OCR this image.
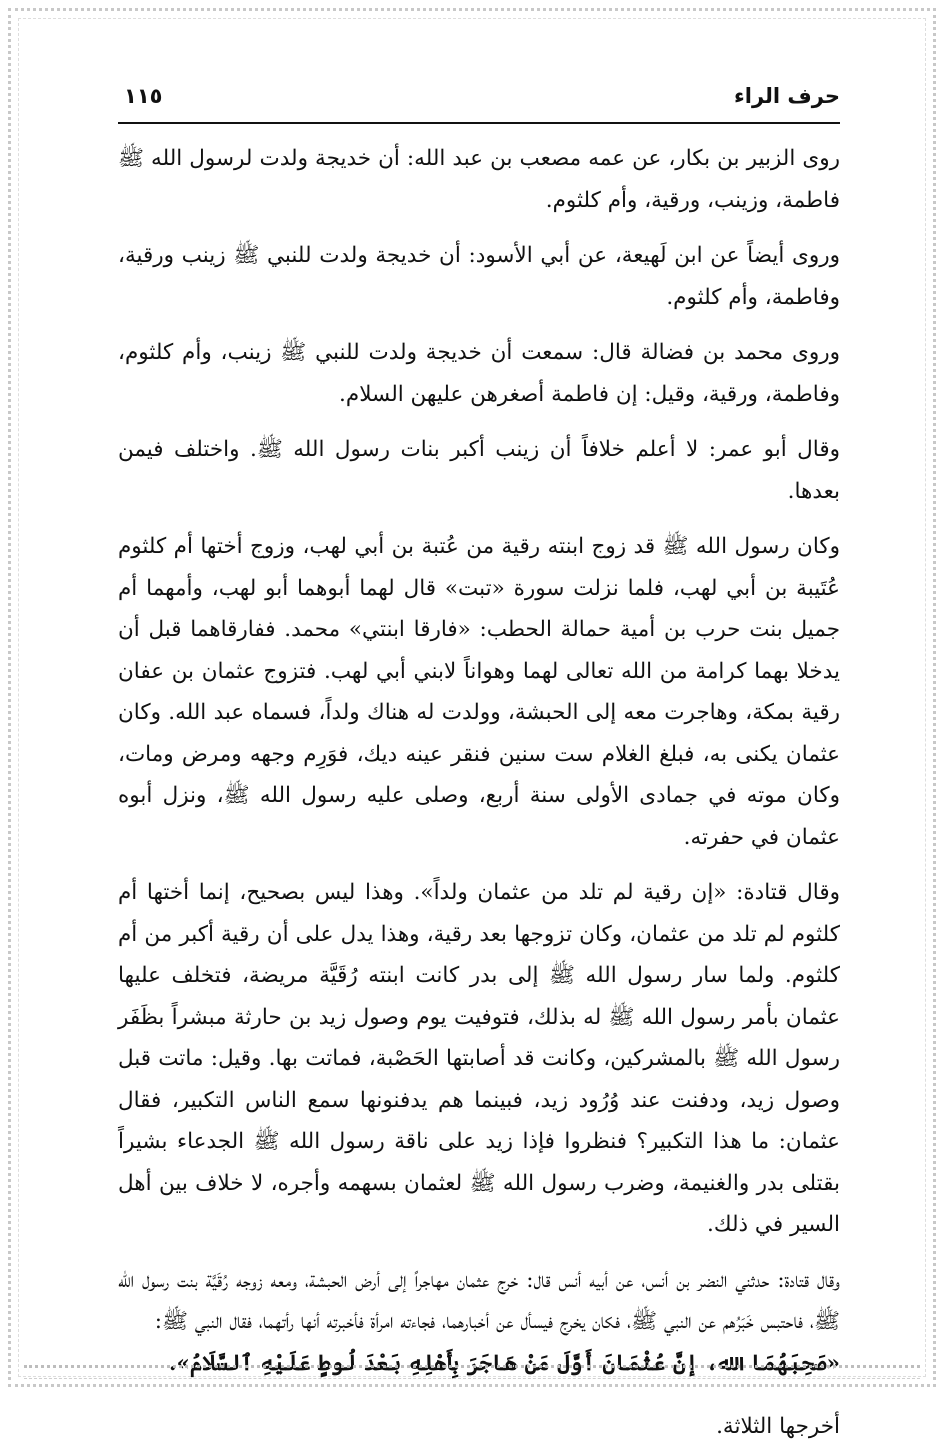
حرف الراء
١١٥

روى الزبير بن بكار، عن عمه مصعب بن عبد الله: أن خديجة ولدت لرسول الله ﷺ فاطمة، وزينب، ورقية، وأم كلثوم.

وروى أيضاً عن ابن لَهيعة، عن أبي الأسود: أن خديجة ولدت للنبي ﷺ زينب ورقية، وفاطمة، وأم كلثوم.

وروى محمد بن فضالة قال: سمعت أن خديجة ولدت للنبي ﷺ زينب، وأم كلثوم، وفاطمة، ورقية، وقيل: إن فاطمة أصغرهن عليهن السلام.

وقال أبو عمر: لا أعلم خلافاً أن زينب أكبر بنات رسول الله ﷺ. واختلف فيمن بعدها.

وكان رسول الله ﷺ قد زوج ابنته رقية من عُتبة بن أبي لهب، وزوج أختها أم كلثوم عُتَيبة بن أبي لهب، فلما نزلت سورة «تبت» قال لهما أبوهما أبو لهب، وأمهما أم جميل بنت حرب بن أمية حمالة الحطب: «فارقا ابنتي» محمد. ففارقاهما قبل أن يدخلا بهما كرامة من الله تعالى لهما وهواناً لابني أبي لهب. فتزوج عثمان بن عفان رقية بمكة، وهاجرت معه إلى الحبشة، وولدت له هناك ولداً، فسماه عبد الله. وكان عثمان يكنى به، فبلغ الغلام ست سنين فنقر عينه ديك، فوَرِم وجهه ومرض ومات، وكان موته في جمادى الأولى سنة أربع، وصلى عليه رسول الله ﷺ، ونزل أبوه عثمان في حفرته.

وقال قتادة: «إن رقية لم تلد من عثمان ولداً». وهذا ليس بصحيح، إنما أختها أم كلثوم لم تلد من عثمان، وكان تزوجها بعد رقية، وهذا يدل على أن رقية أكبر من أم كلثوم. ولما سار رسول الله ﷺ إلى بدر كانت ابنته رُقَيَّة مريضة، فتخلف عليها عثمان بأمر رسول الله ﷺ له بذلك، فتوفيت يوم وصول زيد بن حارثة مبشراً بظَفَر رسول الله ﷺ بالمشركين، وكانت قد أصابتها الحَصْبة، فماتت بها. وقيل: ماتت قبل وصول زيد، ودفنت عند وُرُود زيد، فبينما هم يدفنونها سمع الناس التكبير، فقال عثمان: ما هذا التكبير؟ فنظروا فإذا زيد على ناقة رسول الله ﷺ الجدعاء بشيراً بقتلى بدر والغنيمة، وضرب رسول الله ﷺ لعثمان بسهمه وأجره، لا خلاف بين أهل السير في ذلك.

وقال قتادة: حدثني النضر بن أنس، عن أبيه أنس قال: خرج عثمان مهاجراً إلى أرض الحبشة، ومعه زوجه رُقَيَّة بنت رسول الله ﷺ، فاحتبس خَبَرُهم عن النبي ﷺ، فكان يخرج فيسأل عن أخبارهما، فجاءته امرأة فأخبرته أنها رأتهما، فقال النبي ﷺ:

«صَحِبَهُمَا الله، إنَّ عُثْمَانَ أَوَّلَ مَنْ هَاجَرَ بِأَهْلِهِ بَعْدَ لُوطٍ عَلَيْهِ ٱلسَّلَامُ».

أخرجها الثلاثة.
